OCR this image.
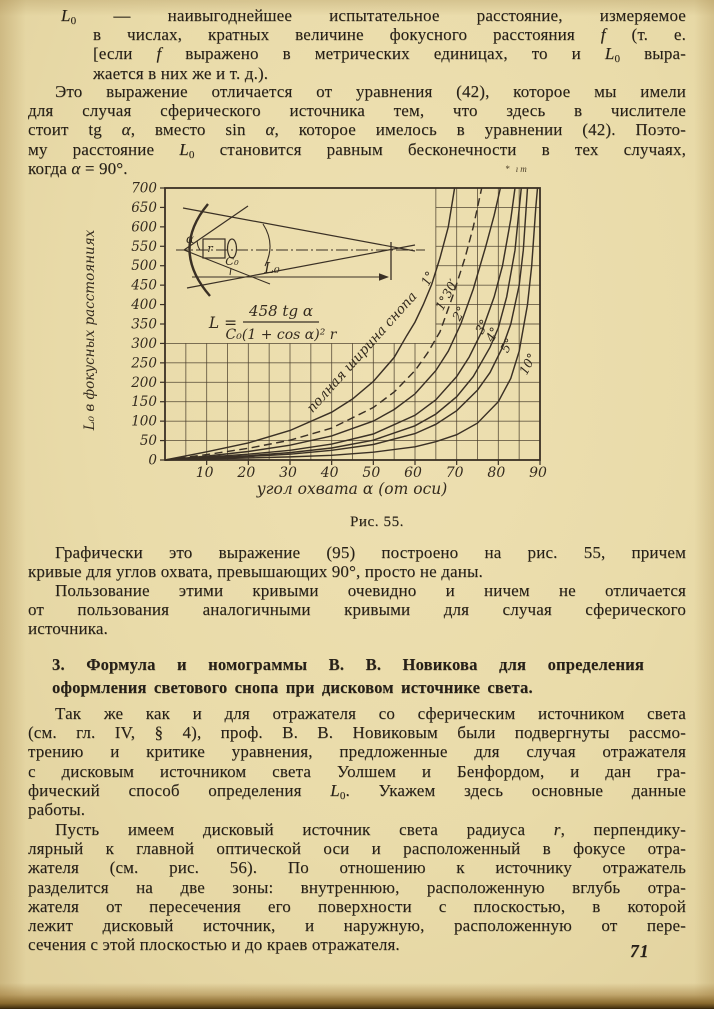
$L_0$ — наивыгоднейшее испытательное расстояние, измеряемое
в числах, кратных величине фокусного расстояния f (т. е.
[если f выражено в метрических единицах, то и $L_0$ выра-
жается в них же и т. д.).
Это выражение отличается от уравнения (42), которое мы имели
для случая сферического источника тем, что здесь в числителе
стоит tg α, вместо sin α, которое имелось в уравнении (42). Поэто-
му расстояние $L_0$ становится равным бесконечности в тех случаях,
когда α = 90°.
Графически это выражение (95) построено на рис. 55, причем
кривые для углов охвата, превышающих 90°, просто не даны.
Пользование этими кривыми очевидно и ничем не отличается
от пользования аналогичными кривыми для случая сферического
источника.
3. Формула и номограммы В. В. Новикова для определения
оформления светового снопа при дисковом источнике света.
Так же как и для отражателя со сферическим источником света
(см. гл. IV, § 4), проф. В. В. Новиковым были подвергнуты рассмо-
трению и критике уравнения, предложенные для случая отражателя
с дисковым источником света Уолшем и Бенфордом, и дан гра-
фический способ определения $L_0$. Укажем здесь основные данные
работы.
Пусть имеем дисковый источник света радиуса r, перпендику-
лярный к главной оптической оси и расположенный в фокусе отра-
жателя (см. рис. 56). По отношению к источнику отражатель
разделится на две зоны: внутреннюю, расположенную вглубь отра-
жателя от пересечения его поверхности с плоскостью, в которой
лежит дисковый источник, и наружную, расположенную от пере-
сечения с этой плоскостью и до краев отражателя.
0
50
100
150
200
250
300
350
400
450
500
550
600
650
700
10 20 30 40 50 60 70 80 90
угол охвата α (от оси)
L₀ в фокусных расстояниях	1°
1°30′
2°
3°
4°
5°
10°
полная ширина снопа
α
r
C₀ L₀
L =
458 tg α
C₀(1 + cos α)² r
Рис. 55.
* ıт
71
